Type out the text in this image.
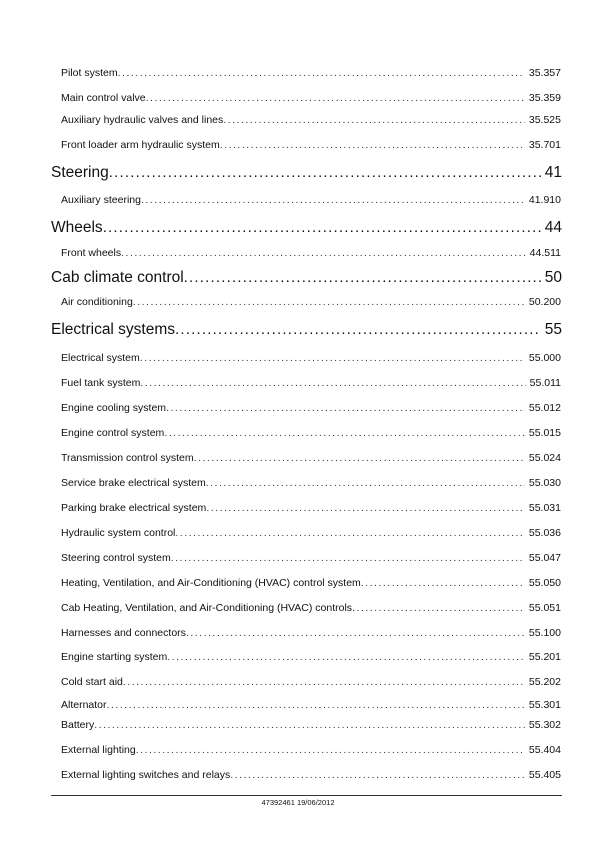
Pilot system .....	35.357
Main control valve .....	35.359
Auxiliary hydraulic valves and lines .....	35.525
Front loader arm hydraulic system .....	35.701
Steering .....	41
Auxiliary steering .....	41.910
Wheels .....	44
Front wheels .....	44.511
Cab climate control .....	50
Air conditioning .....	50.200
Electrical systems .....	55
Electrical system .....	55.000
Fuel tank system .....	55.011
Engine cooling system .....	55.012
Engine control system .....	55.015
Transmission control system .....	55.024
Service brake electrical system .....	55.030
Parking brake electrical system .....	55.031
Hydraulic system control .....	55.036
Steering control system .....	55.047
Heating, Ventilation, and Air-Conditioning (HVAC) control system .....	55.050
Cab Heating, Ventilation, and Air-Conditioning (HVAC) controls .....	55.051
Harnesses and connectors .....	55.100
Engine starting system .....	55.201
Cold start aid .....	55.202
Alternator .....	55.301
Battery .....	55.302
External lighting .....	55.404
External lighting switches and relays .....	55.405
47392461 19/06/2012
